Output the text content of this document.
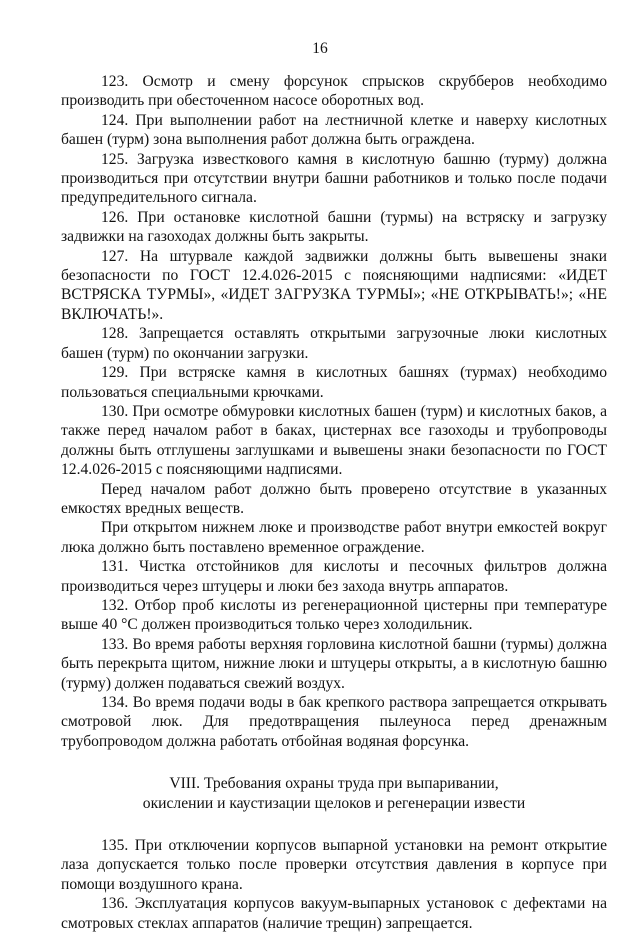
16

123. Осмотр и смену форсунок спрысков скрубберов необходимо производить при обесточенном насосе оборотных вод.

124. При выполнении работ на лестничной клетке и наверху кислотных башен (турм) зона выполнения работ должна быть ограждена.

125. Загрузка известкового камня в кислотную башню (турму) должна производиться при отсутствии внутри башни работников и только после подачи предупредительного сигнала.

126. При остановке кислотной башни (турмы) на встряску и загрузку задвижки на газоходах должны быть закрыты.

127. На штурвале каждой задвижки должны быть вывешены знаки безопасности по ГОСТ 12.4.026-2015 с поясняющими надписями: «ИДЕТ ВСТРЯСКА ТУРМЫ», «ИДЕТ ЗАГРУЗКА ТУРМЫ»; «НЕ ОТКРЫВАТЬ!»; «НЕ ВКЛЮЧАТЬ!».

128. Запрещается оставлять открытыми загрузочные люки кислотных башен (турм) по окончании загрузки.

129. При встряске камня в кислотных башнях (турмах) необходимо пользоваться специальными крючками.

130. При осмотре обмуровки кислотных башен (турм) и кислотных баков, а также перед началом работ в баках, цистернах все газоходы и трубопроводы должны быть отглушены заглушками и вывешены знаки безопасности по ГОСТ 12.4.026-2015 с поясняющими надписями.

Перед началом работ должно быть проверено отсутствие в указанных емкостях вредных веществ.

При открытом нижнем люке и производстве работ внутри емкостей вокруг люка должно быть поставлено временное ограждение.

131. Чистка отстойников для кислоты и песочных фильтров должна производиться через штуцеры и люки без захода внутрь аппаратов.

132. Отбор проб кислоты из регенерационной цистерны при температуре выше 40 °С должен производиться только через холодильник.

133. Во время работы верхняя горловина кислотной башни (турмы) должна быть перекрыта щитом, нижние люки и штуцеры открыты, а в кислотную башню (турму) должен подаваться свежий воздух.

134. Во время подачи воды в бак крепкого раствора запрещается открывать смотровой люк. Для предотвращения пылеуноса перед дренажным трубопроводом должна работать отбойная водяная форсунка.

VIII. Требования охраны труда при выпаривании,
окислении и каустизации щелоков и регенерации извести

135. При отключении корпусов выпарной установки на ремонт открытие лаза допускается только после проверки отсутствия давления в корпусе при помощи воздушного крана.

136. Эксплуатация корпусов вакуум-выпарных установок с дефектами на смотровых стеклах аппаратов (наличие трещин) запрещается.
